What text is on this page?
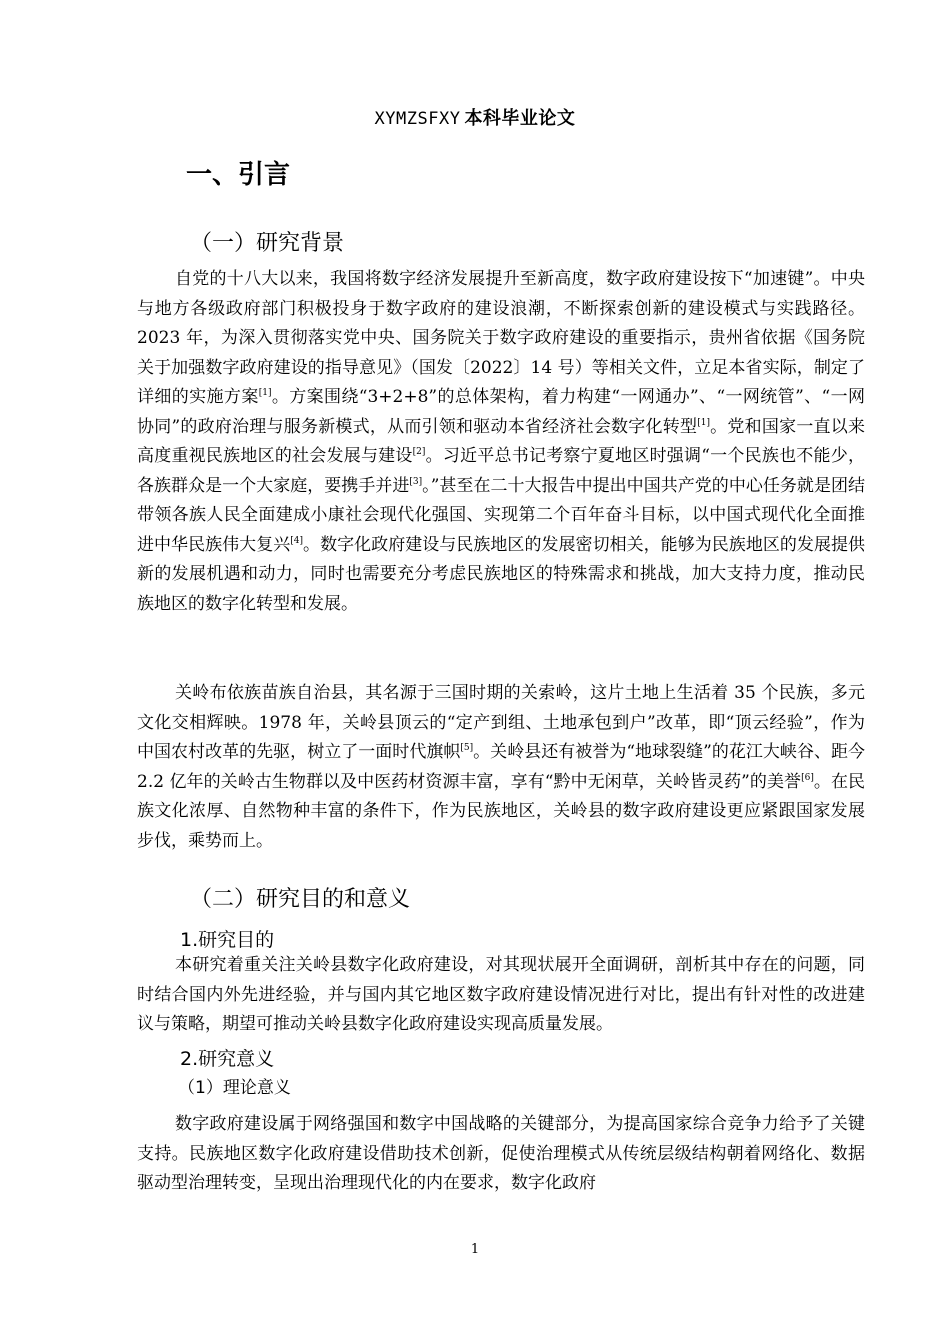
XYMZSFXY 本科毕业论文
一、引言
（一）研究背景

自党的十八大以来，我国将数字经济发展提升至新高度，数字政府建设按下“加速键”。中央与地方各级政府部门积极投身于数字政府的建设浪潮，不断探索创新的建设模式与实践路径。2023 年，为深入贯彻落实党中央、国务院关于数字政府建设的重要指示，贵州省依据《国务院关于加强数字政府建设的指导意见》（国发〔2022〕14 号）等相关文件，立足本省实际，制定了详细的实施方案[1]。方案围绕“3+2+8”的总体架构，着力构建“一网通办”、“一网统管”、“一网协同”的政府治理与服务新模式，从而引领和驱动本省经济社会数字化转型[1]。党和国家一直以来高度重视民族地区的社会发展与建设[2]。习近平总书记考察宁夏地区时强调“一个民族也不能少，各族群众是一个大家庭，要携手并进[3]。”甚至在二十大报告中提出中国共产党的中心任务就是团结带领各族人民全面建成小康社会现代化强国、实现第二个百年奋斗目标，以中国式现代化全面推进中华民族伟大复兴[4]。数字化政府建设与民族地区的发展密切相关，能够为民族地区的发展提供新的发展机遇和动力，同时也需要充分考虑民族地区的特殊需求和挑战，加大支持力度，推动民族地区的数字化转型和发展。

关岭布依族苗族自治县，其名源于三国时期的关索岭，这片土地上生活着 35 个民族，多元文化交相辉映。1978 年，关岭县顶云的“定产到组、土地承包到户”改革，即“顶云经验”，作为中国农村改革的先驱，树立了一面时代旗帜[5]。关岭县还有被誉为“地球裂缝”的花江大峡谷、距今 2.2 亿年的关岭古生物群以及中医药材资源丰富，享有“黔中无闲草，关岭皆灵药”的美誉[6]。在民族文化浓厚、自然物种丰富的条件下，作为民族地区，关岭县的数字政府建设更应紧跟国家发展步伐，乘势而上。

（二）研究目的和意义
1.研究目的

本研究着重关注关岭县数字化政府建设，对其现状展开全面调研，剖析其中存在的问题，同时结合国内外先进经验，并与国内其它地区数字政府建设情况进行对比，提出有针对性的改进建议与策略，期望可推动关岭县数字化政府建设实现高质量发展。

2.研究意义
（1）理论意义

数字政府建设属于网络强国和数字中国战略的关键部分，为提高国家综合竞争力给予了关键支持。民族地区数字化政府建设借助技术创新，促使治理模式从传统层级结构朝着网络化、数据驱动型治理转变，呈现出治理现代化的内在要求，数字化政府

1
